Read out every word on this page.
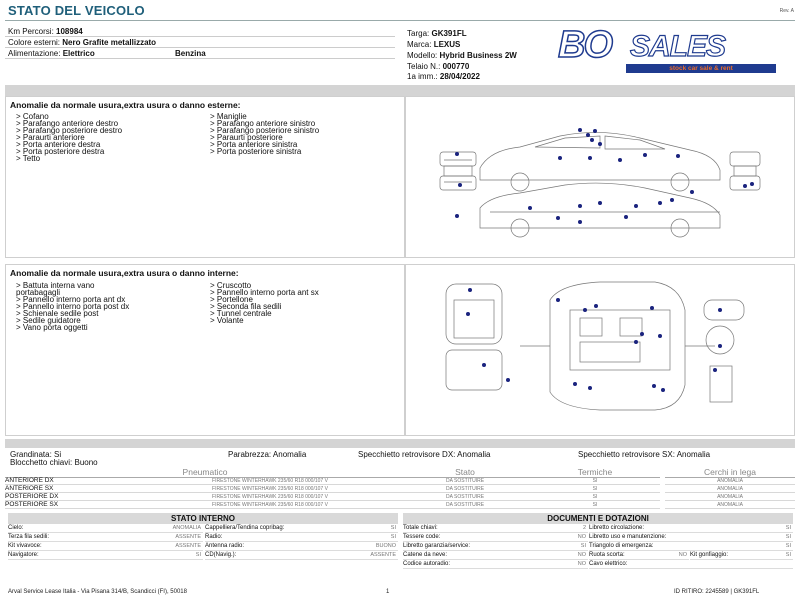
STATO DEL VEICOLO	Rev. A
Km Percorsi: 108984
Colore esterni: Nero Grafite metallizzato
Alimentazione: Elettrico	Benzina
Targa: GK391FL
Marca: LEXUS
Modello: Hybrid Business 2W
Telaio N.: 000770
1a imm.: 28/04/2022
BO SALES
stock car sale & rent
Anomalie da normale usura,extra usura o danno esterne:
> Cofano
> Parafango anteriore destro
> Parafango posteriore destro
> Paraurti anteriore
> Porta anteriore destra
> Porta posteriore destra
> Tetto
> Maniglie
> Parafango anteriore sinistro
> Parafango posteriore sinistro
> Paraurti posteriore
> Porta anteriore sinistra
> Porta posteriore sinistra
Anomalie da normale usura,extra usura o danno interne:
> Battuta interna vano
portabagagli
> Pannello interno porta ant dx
> Pannello interno porta post dx
> Schienale sedile post
> Sedile guidatore
> Vano porta oggetti
> Cruscotto
> Pannello interno porta ant sx
> Portellone
> Seconda fila sedili
> Tunnel centrale
> Volante
Grandinata: Si
Blocchetto chiavi: Buono
Parabrezza: Anomalia	Specchietto retrovisore DX: Anomalia	Specchietto retrovisore SX: Anomalia
Pneumatico	Stato	Termiche	Cerchi in lega
ANTERIORE DX	FIRESTONE WINTERHAWK 235/60 R18 000/107 V	DA SOSTITUIRE	SI	ANOMALIA
ANTERIORE SX	FIRESTONE WINTERHAWK 235/60 R18 000/107 V	DA SOSTITUIRE	SI	ANOMALIA
POSTERIORE DX	FIRESTONE WINTERHAWK 235/60 R18 000/107 V	DA SOSTITUIRE	SI	ANOMALIA
POSTERIORE SX	FIRESTONE WINTERHAWK 235/60 R18 000/107 V	DA SOSTITUIRE	SI	ANOMALIA
STATO INTERNO
Cielo:	ANOMALIA Cappelliera/Tendina copribag:	SI
Terza fila sedili:	ASSENTE Radio:	SI
Kit vivavoce:	ASSENTE Antenna radio:	BUONO
Navigatore:	SI CD(Navig.):	ASSENTE
DOCUMENTI E DOTAZIONI
Totale chiavi:	2 Libretto circolazione:	SI
Tessere code:	NO Libretto uso e manutenzione:	SI
Libretto garanzia/service:	SI Triangolo di emergenza:	SI
Catene da neve:	NO Ruota scorta:	NO Kit gonfiaggio:	SI
Codice autoradio:	NO Cavo elettrico:
Arval Service Lease Italia - Via Pisana 314/B, Scandicci (FI), 50018	1	ID RITIRO: 2245589 | GK391FL
